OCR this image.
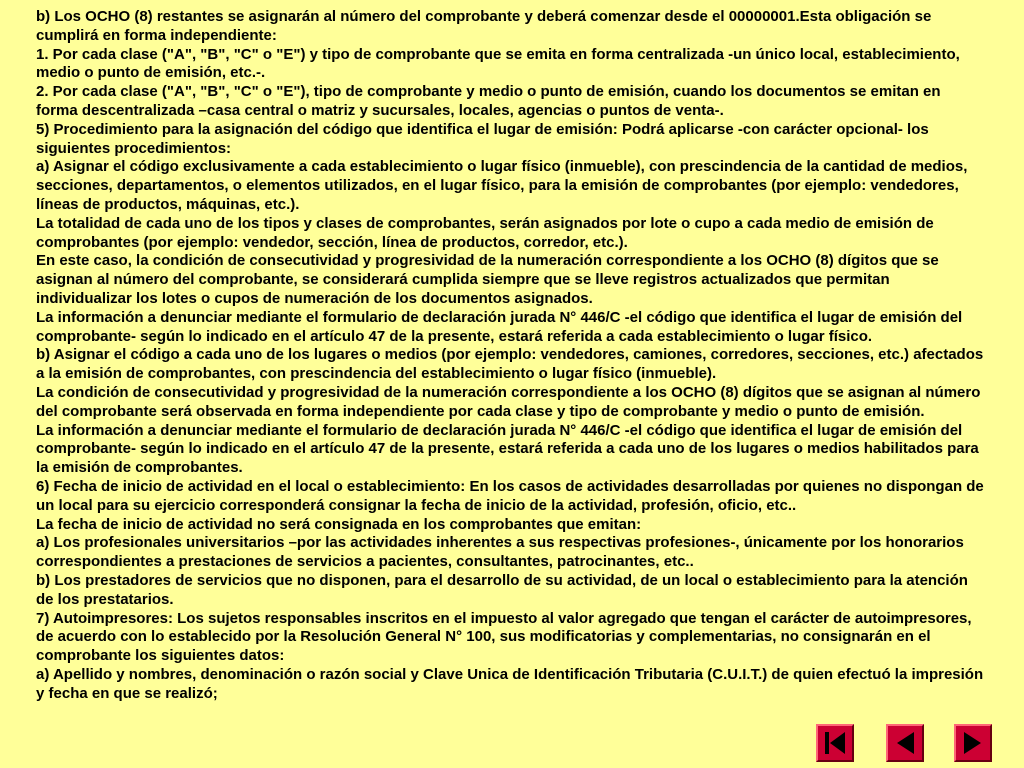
b) Los OCHO (8) restantes se asignarán al número del comprobante y deberá comenzar desde el 00000001.Esta obligación se cumplirá en forma independiente:

1. Por cada clase ("A", "B", "C" o "E") y tipo de comprobante que se emita en forma centralizada -un único local, establecimiento, medio o punto de emisión, etc.-.

2. Por cada clase ("A", "B", "C" o "E"), tipo de comprobante y medio o punto de emisión, cuando los documentos se emitan en forma descentralizada –casa central o matriz y sucursales, locales, agencias o puntos de venta-.

5) Procedimiento para la asignación del código que identifica el lugar de emisión: Podrá aplicarse -con carácter opcional- los siguientes procedimientos:

a) Asignar el código exclusivamente a cada establecimiento o lugar físico (inmueble), con prescindencia de la cantidad de medios, secciones, departamentos, o elementos utilizados, en el lugar físico, para la emisión de comprobantes (por ejemplo: vendedores, líneas de productos, máquinas, etc.).

La totalidad de cada uno de los tipos y clases de comprobantes, serán asignados por lote o cupo a cada medio de emisión de comprobantes (por ejemplo: vendedor, sección, línea de productos, corredor, etc.).

En este caso, la condición de consecutividad y progresividad de la numeración correspondiente a los OCHO (8) dígitos que se asignan al número del comprobante, se considerará cumplida siempre que se lleve registros actualizados que permitan individualizar los lotes o cupos de numeración de los documentos asignados.

La información a denunciar mediante el formulario de declaración jurada N° 446/C -el código que identifica el lugar de emisión del comprobante- según lo indicado en el artículo 47 de la presente, estará referida a cada establecimiento o lugar físico.

b) Asignar el código a cada uno de los lugares o medios (por ejemplo: vendedores, camiones, corredores, secciones, etc.) afectados a la emisión de comprobantes, con prescindencia del establecimiento o lugar físico (inmueble).

La condición de consecutividad y progresividad de la numeración correspondiente a los OCHO (8) dígitos que se asignan al número del comprobante será observada en forma independiente por cada clase y tipo de comprobante y medio o punto de emisión.

La información a denunciar mediante el formulario de declaración jurada N° 446/C -el código que identifica el lugar de emisión del comprobante- según lo indicado en el artículo 47 de la presente, estará referida a cada uno de los lugares o medios habilitados para la emisión de comprobantes.

6) Fecha de inicio de actividad en el local o establecimiento: En los casos de actividades desarrolladas por quienes no dispongan de un local para su ejercicio corresponderá consignar la fecha de inicio de la actividad, profesión, oficio, etc..

La fecha de inicio de actividad no será consignada en los comprobantes que emitan:

a) Los profesionales universitarios –por las actividades inherentes a sus respectivas profesiones-, únicamente por los honorarios correspondientes a prestaciones de servicios a pacientes, consultantes, patrocinantes, etc..

b) Los prestadores de servicios que no disponen, para el desarrollo de su actividad, de un local o establecimiento para la atención de los prestatarios.

7) Autoimpresores: Los sujetos responsables inscritos en el impuesto al valor agregado que tengan el carácter de autoimpresores, de acuerdo con lo establecido por la Resolución General N° 100, sus modificatorias y complementarias, no consignarán en el comprobante los siguientes datos:

a) Apellido y nombres, denominación o razón social y Clave Unica de Identificación Tributaria (C.U.I.T.) de quien efectuó la impresión y fecha en que se realizó;
